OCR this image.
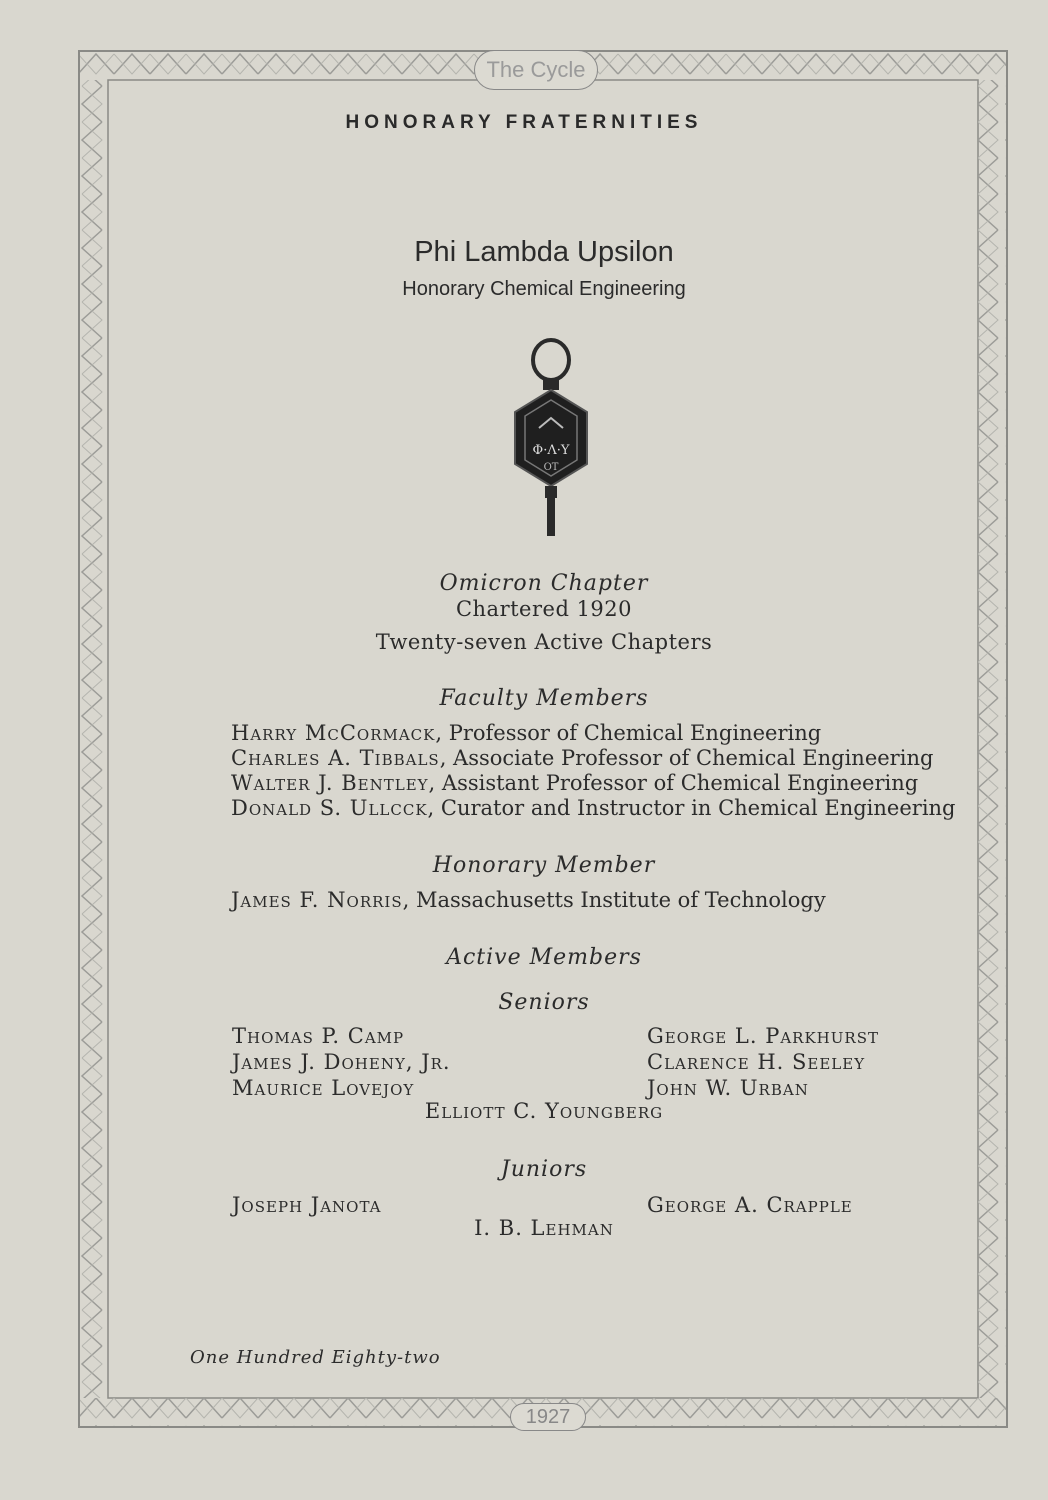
The Cycle
1927
HONORARY FRATERNITIES
Phi Lambda Upsilon
Honorary Chemical Engineering
Φ·Λ·Υ
OT
Omicron Chapter
Chartered 1920
Twenty-seven Active Chapters
Faculty Members
Harry McCormack, Professor of Chemical Engineering
Charles A. Tibbals, Associate Professor of Chemical Engineering
Walter J. Bentley, Assistant Professor of Chemical Engineering
Donald S. Ullcck, Curator and Instructor in Chemical Engineering
Honorary Member
James F. Norris, Massachusetts Institute of Technology
Active Members
Seniors
Thomas P. Camp
James J. Doheny, Jr.
Maurice Lovejoy
George L. Parkhurst
Clarence H. Seeley
John W. Urban
Elliott C. Youngberg
Juniors
Joseph Janota	George A. Crapple
I. B. Lehman
One Hundred Eighty-two
